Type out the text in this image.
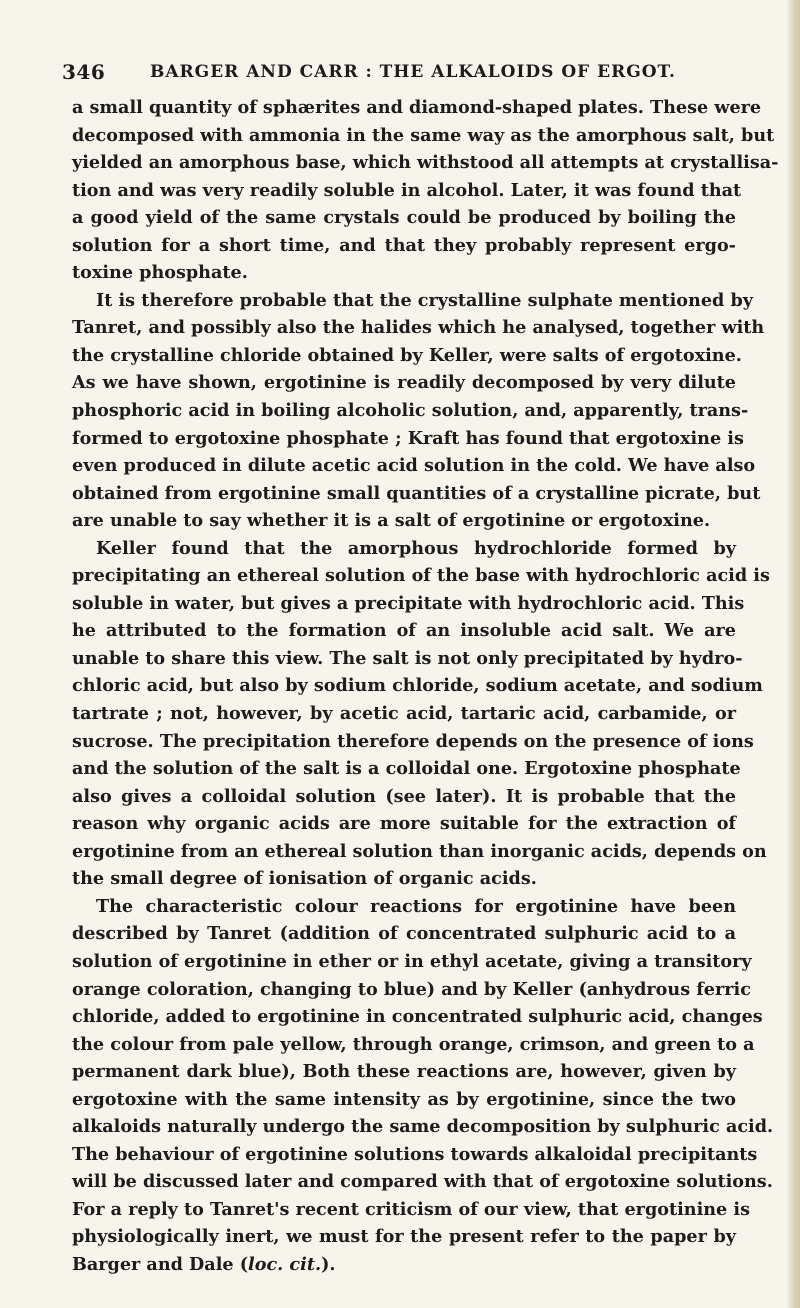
346	BARGER AND CARR : THE ALKALOIDS OF ERGOT.
a small quantity of sphærites and diamond-shaped plates. These were
decomposed with ammonia in the same way as the amorphous salt, but
yielded an amorphous base, which withstood all attempts at crystallisa-
tion and was very readily soluble in alcohol. Later, it was found that
a good yield of the same crystals could be produced by boiling the
solution for a short time, and that they probably represent ergo-
toxine phosphate.
It is therefore probable that the crystalline sulphate mentioned by
Tanret, and possibly also the halides which he analysed, together with
the crystalline chloride obtained by Keller, were salts of ergotoxine.
As we have shown, ergotinine is readily decomposed by very dilute
phosphoric acid in boiling alcoholic solution, and, apparently, trans-
formed to ergotoxine phosphate ; Kraft has found that ergotoxine is
even produced in dilute acetic acid solution in the cold. We have also
obtained from ergotinine small quantities of a crystalline picrate, but
are unable to say whether it is a salt of ergotinine or ergotoxine.
Keller found that the amorphous hydrochloride formed by
precipitating an ethereal solution of the base with hydrochloric acid is
soluble in water, but gives a precipitate with hydrochloric acid. This
he attributed to the formation of an insoluble acid salt. We are
unable to share this view. The salt is not only precipitated by hydro-
chloric acid, but also by sodium chloride, sodium acetate, and sodium
tartrate ; not, however, by acetic acid, tartaric acid, carbamide, or
sucrose. The precipitation therefore depends on the presence of ions
and the solution of the salt is a colloidal one. Ergotoxine phosphate
also gives a colloidal solution (see later). It is probable that the
reason why organic acids are more suitable for the extraction of
ergotinine from an ethereal solution than inorganic acids, depends on
the small degree of ionisation of organic acids.
The characteristic colour reactions for ergotinine have been
described by Tanret (addition of concentrated sulphuric acid to a
solution of ergotinine in ether or in ethyl acetate, giving a transitory
orange coloration, changing to blue) and by Keller (anhydrous ferric
chloride, added to ergotinine in concentrated sulphuric acid, changes
the colour from pale yellow, through orange, crimson, and green to a
permanent dark blue), Both these reactions are, however, given by
ergotoxine with the same intensity as by ergotinine, since the two
alkaloids naturally undergo the same decomposition by sulphuric acid.
The behaviour of ergotinine solutions towards alkaloidal precipitants
will be discussed later and compared with that of ergotoxine solutions.
For a reply to Tanret's recent criticism of our view, that ergotinine is
physiologically inert, we must for the present refer to the paper by
Barger and Dale (loc. cit.).
